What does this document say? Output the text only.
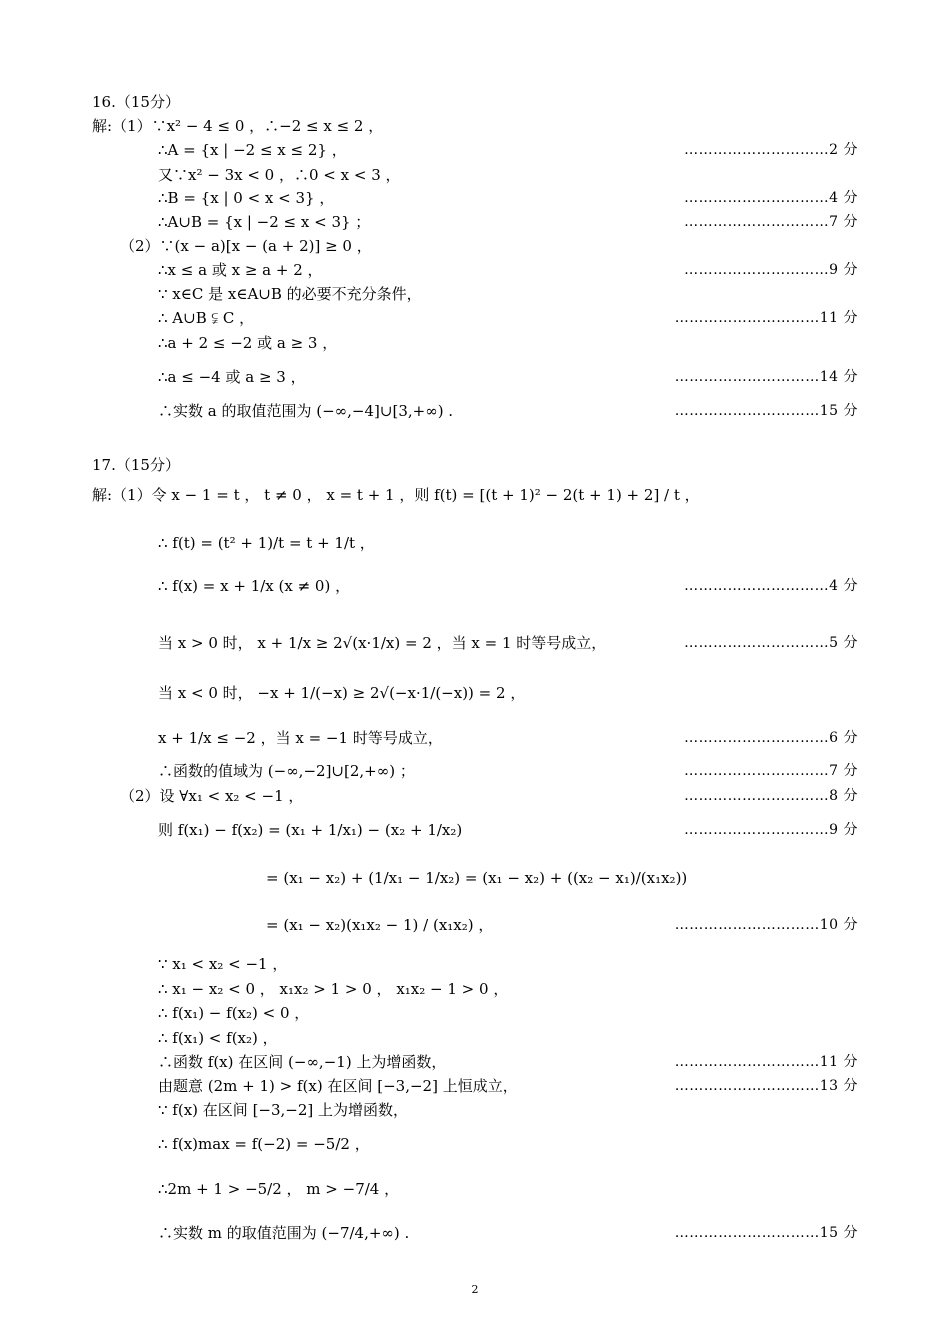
16.（15分）
解:（1）∵x² − 4 ≤ 0 ，∴−2 ≤ x ≤ 2 ，
∴A = {x | −2 ≤ x ≤ 2} ，	…………………………2 分
又∵x² − 3x < 0 ，∴0 < x < 3 ，
∴B = {x | 0 < x < 3} ，	…………………………4 分
∴A∪B = {x | −2 ≤ x < 3} ；	…………………………7 分
（2）∵(x − a)[x − (a + 2)] ≥ 0 ，
∴x ≤ a 或 x ≥ a + 2 ，	…………………………9 分
∵ x∈C 是 x∈A∪B 的必要不充分条件，
∴ A∪B ⫋ C ，	…………………………11 分
∴a + 2 ≤ −2 或 a ≥ 3 ，
∴a ≤ −4 或 a ≥ 3 ，	…………………………14 分
∴实数 a 的取值范围为 (−∞,−4]∪[3,+∞) .	…………………………15 分
17.（15分）
解:（1）令 x − 1 = t ， t ≠ 0 ， x = t + 1 ，则 f(t) = [(t + 1)² − 2(t + 1) + 2] / t ，
∴ f(t) = (t² + 1)/t = t + 1/t ，
∴ f(x) = x + 1/x (x ≠ 0) ，	…………………………4 分
当 x > 0 时， x + 1/x ≥ 2√(x·1/x) = 2 ，当 x = 1 时等号成立，	…………………………5 分
当 x < 0 时， −x + 1/(−x) ≥ 2√(−x·1/(−x)) = 2 ，
x + 1/x ≤ −2 ，当 x = −1 时等号成立，	…………………………6 分
∴函数的值域为 (−∞,−2]∪[2,+∞) ；	…………………………7 分
（2）设 ∀x₁ < x₂ < −1 ，	…………………………8 分
则 f(x₁) − f(x₂) = (x₁ + 1/x₁) − (x₂ + 1/x₂)	…………………………9 分
= (x₁ − x₂) + (1/x₁ − 1/x₂) = (x₁ − x₂) + ((x₂ − x₁)/(x₁x₂))
= (x₁ − x₂)(x₁x₂ − 1) / (x₁x₂) ，	…………………………10 分
∵ x₁ < x₂ < −1 ，
∴ x₁ − x₂ < 0 ， x₁x₂ > 1 > 0 ， x₁x₂ − 1 > 0 ，
∴ f(x₁) − f(x₂) < 0 ，
∴ f(x₁) < f(x₂) ，
∴函数 f(x) 在区间 (−∞,−1) 上为增函数，	…………………………11 分
由题意 (2m + 1) > f(x) 在区间 [−3,−2] 上恒成立，	…………………………13 分
∵ f(x) 在区间 [−3,−2] 上为增函数，
∴ f(x)max = f(−2) = −5/2 ，
∴2m + 1 > −5/2 ， m > −7/4 ，
∴实数 m 的取值范围为 (−7/4,+∞) .	…………………………15 分
2
